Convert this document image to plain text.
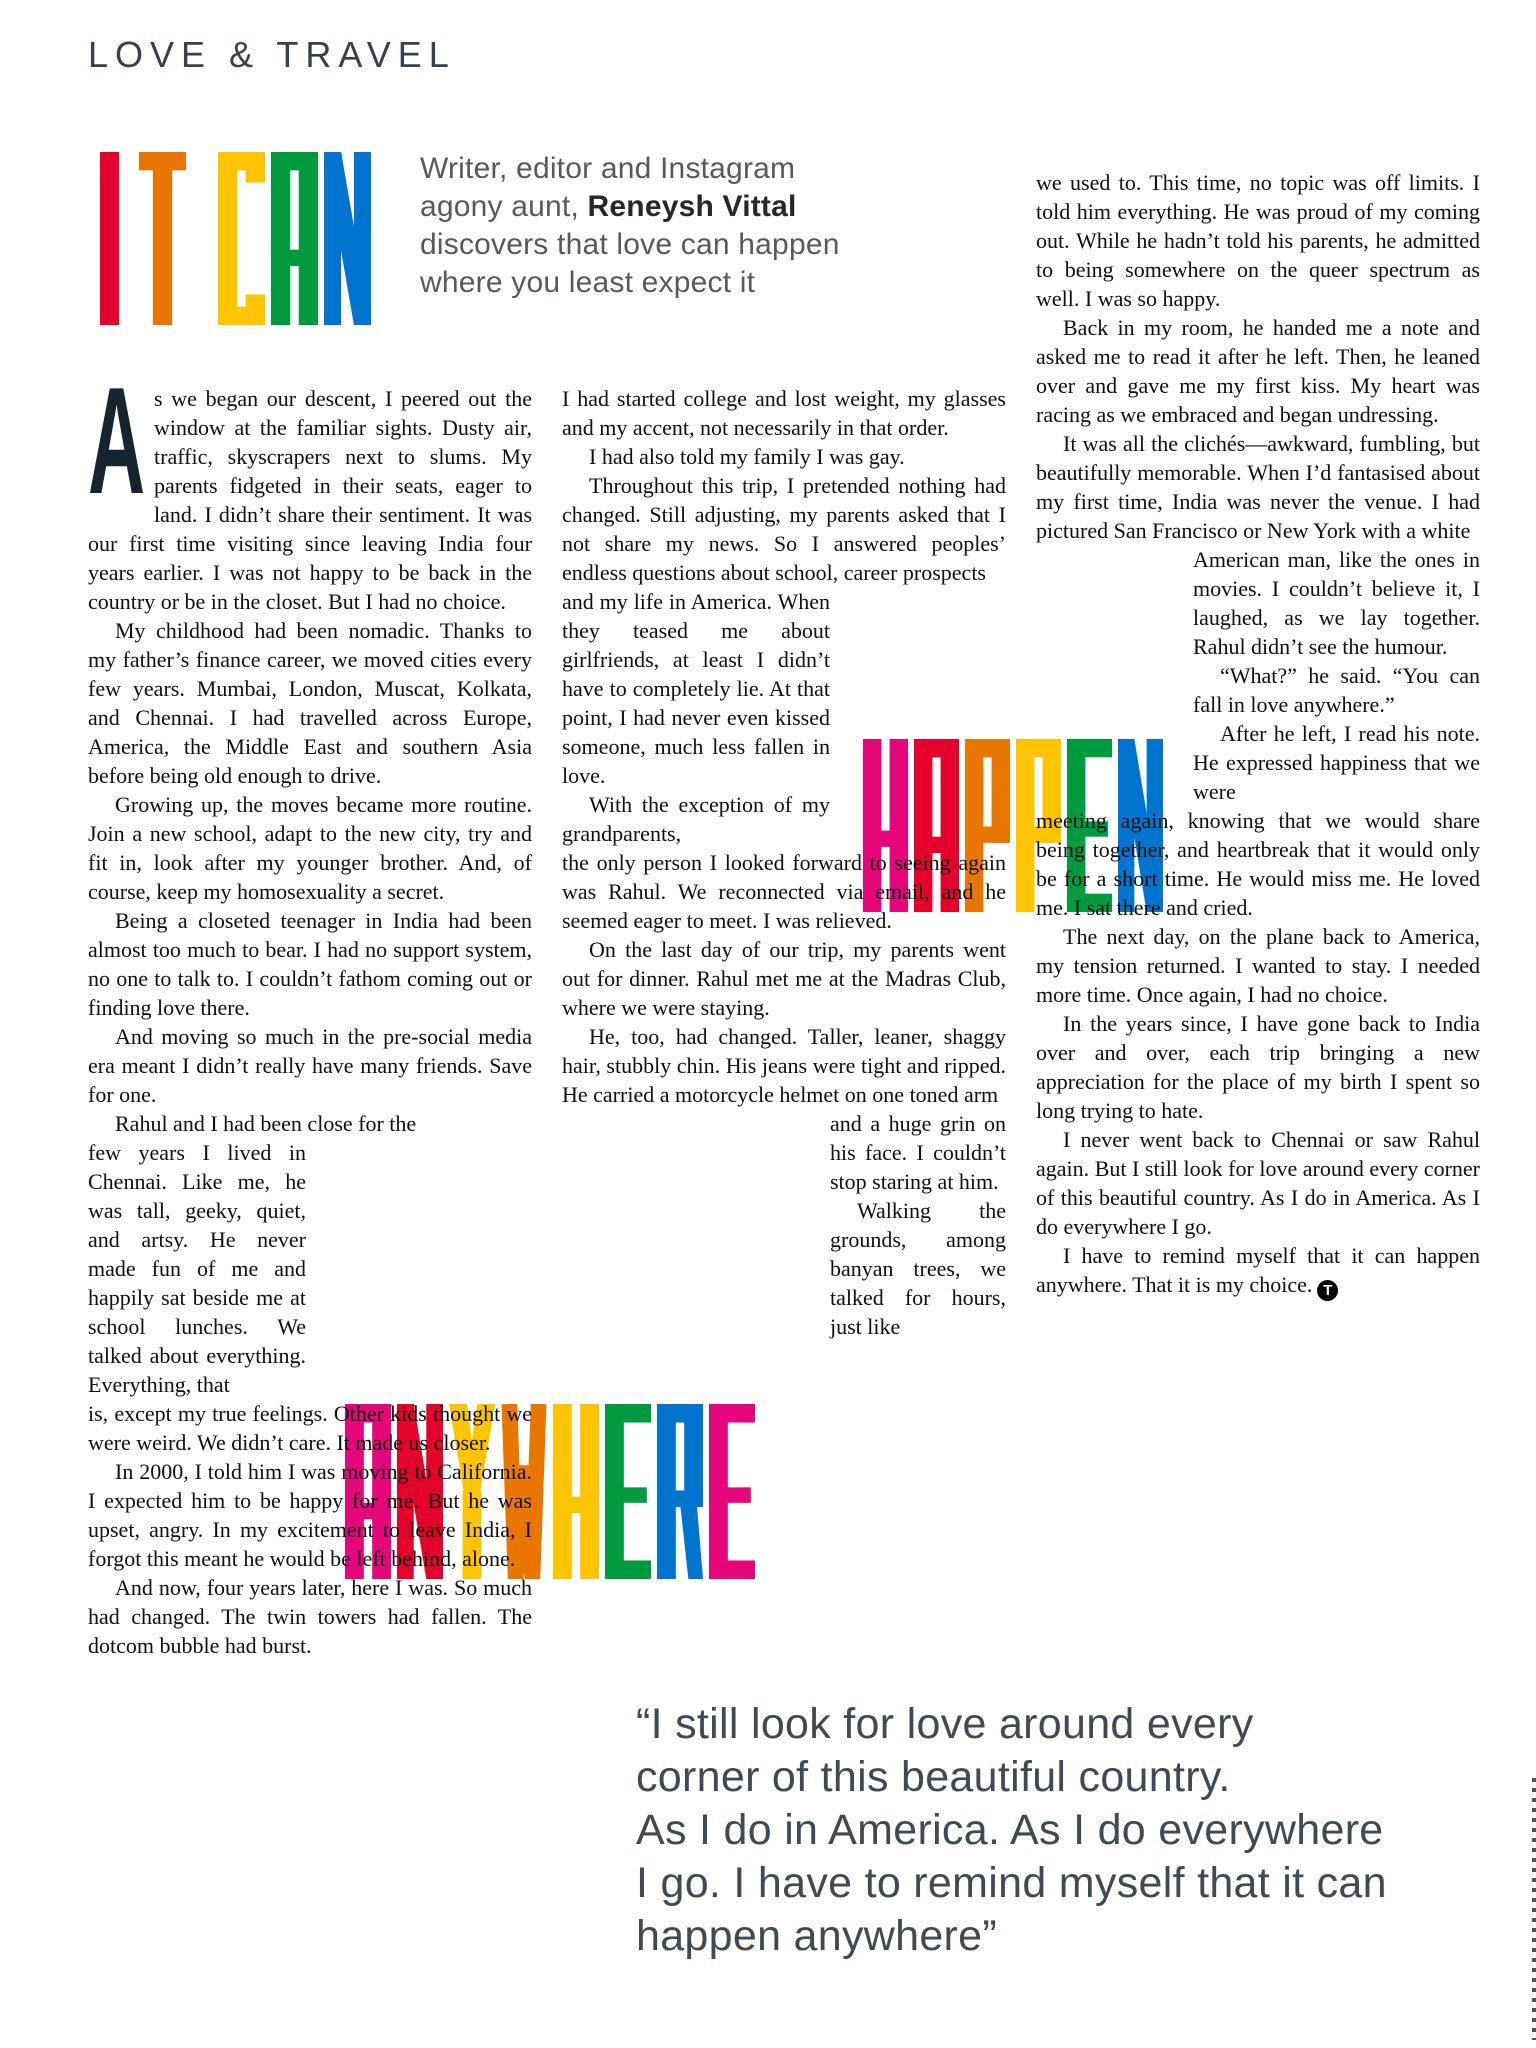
LOVE & TRAVEL
Writer, editor and Instagram
agony aunt, Reneysh Vittal
discovers that love can happen
where you least expect it

A s we began our descent, I peered out the window at the familiar sights. Dusty air, traffic, skyscrapers next to slums. My parents fidgeted in their seats, eager to land. I didn’t share their sentiment. It was our first time visiting since leaving India four years earlier. I was not happy to be back in the country or be in the closet. But I had no choice.

My childhood had been nomadic. Thanks to my father’s finance career, we moved cities every few years. Mumbai, London, Muscat, Kolkata, and Chennai. I had travelled across Europe, America, the Middle East and southern Asia before being old enough to drive.

Growing up, the moves became more routine. Join a new school, adapt to the new city, try and fit in, look after my younger brother. And, of course, keep my homosexuality a secret.

Being a closeted teenager in India had been almost too much to bear. I had no support system, no one to talk to. I couldn’t fathom coming out or finding love there.

And moving so much in the pre-social media era meant I didn’t really have many friends. Save for one.

Rahul and I had been close for the

few years I lived in Chennai. Like me, he was tall, geeky, quiet, and artsy. He never made fun of me and happily sat beside me at school lunches. We talked about everything. Everything, that

is, except my true feelings. Other kids thought we were weird. We didn’t care. It made us closer.

In 2000, I told him I was moving to California. I expected him to be happy for me. But he was upset, angry. In my excitement to leave India, I forgot this meant he would be left behind, alone.

And now, four years later, here I was. So much had changed. The twin towers had fallen. The dotcom bubble had burst.

I had started college and lost weight, my glasses and my accent, not necessarily in that order.

I had also told my family I was gay.

Throughout this trip, I pretended nothing had changed. Still adjusting, my parents asked that I not share my news. So I answered peoples’ endless questions about school, career prospects

and my life in America. When they teased me about girlfriends, at least I didn’t have to completely lie. At that point, I had never even kissed someone, much less fallen in love.

With the exception of my grandparents,

the only person I looked forward to seeing again was Rahul. We reconnected via email, and he seemed eager to meet. I was relieved.

On the last day of our trip, my parents went out for dinner. Rahul met me at the Madras Club, where we were staying.

He, too, had changed. Taller, leaner, shaggy hair, stubbly chin. His jeans were tight and ripped. He carried a motorcycle helmet on one toned arm

and a huge grin on his face. I couldn’t stop staring at him.

Walking the grounds, among banyan trees, we talked for hours, just like

we used to. This time, no topic was off limits. I told him everything. He was proud of my coming out. While he hadn’t told his parents, he admitted to being somewhere on the queer spectrum as well. I was so happy.

Back in my room, he handed me a note and asked me to read it after he left. Then, he leaned over and gave me my first kiss. My heart was racing as we embraced and began undressing.

It was all the clichés—awkward, fumbling, but beautifully memorable. When I’d fantasised about my first time, India was never the venue. I had pictured San Francisco or New York with a white

American man, like the ones in movies. I couldn’t believe it, I laughed, as we lay together. Rahul didn’t see the humour.

“What?” he said. “You can fall in love anywhere.”

After he left, I read his note. He expressed happiness that we were

meeting again, knowing that we would share being together, and heartbreak that it would only be for a short time. He would miss me. He loved me. I sat there and cried.

The next day, on the plane back to America, my tension returned. I wanted to stay. I needed more time. Once again, I had no choice.

In the years since, I have gone back to India over and over, each trip bringing a new appreciation for the place of my birth I spent so long trying to hate.

I never went back to Chennai or saw Rahul again. But I still look for love around every corner of this beautiful country. As I do in America. As I do everywhere I go.

I have to remind myself that it can happen anywhere. That it is my choice. T

“I still look for love around every
corner of this beautiful country.
As I do in America. As I do everywhere
I go. I have to remind myself that it can
happen anywhere”
